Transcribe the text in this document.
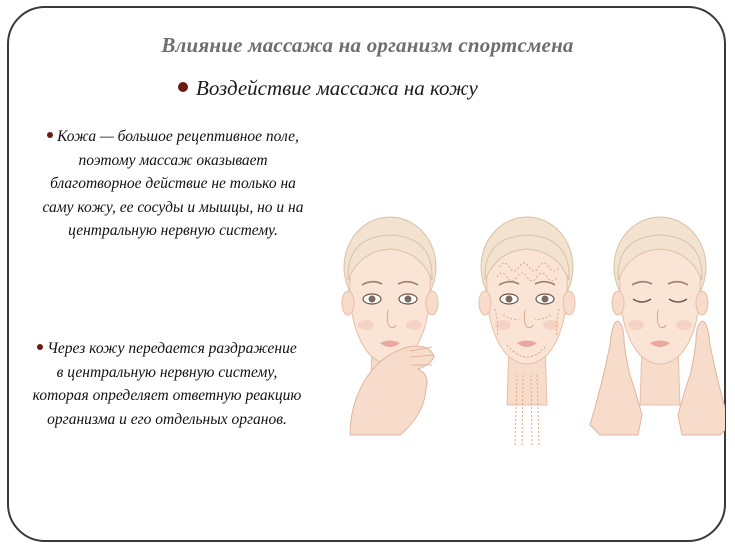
Влияние массажа на организм спортсмена
Воздействие массажа на кожу
Кожа — большое рецептивное поле, поэтому массаж оказывает благотворное действие не только на саму кожу, ее сосуды и мышцы, но и на центральную нервную систему.
Через кожу передается раздражение в центральную нервную систему, которая определяет ответную реакцию организма и его отдельных органов.
